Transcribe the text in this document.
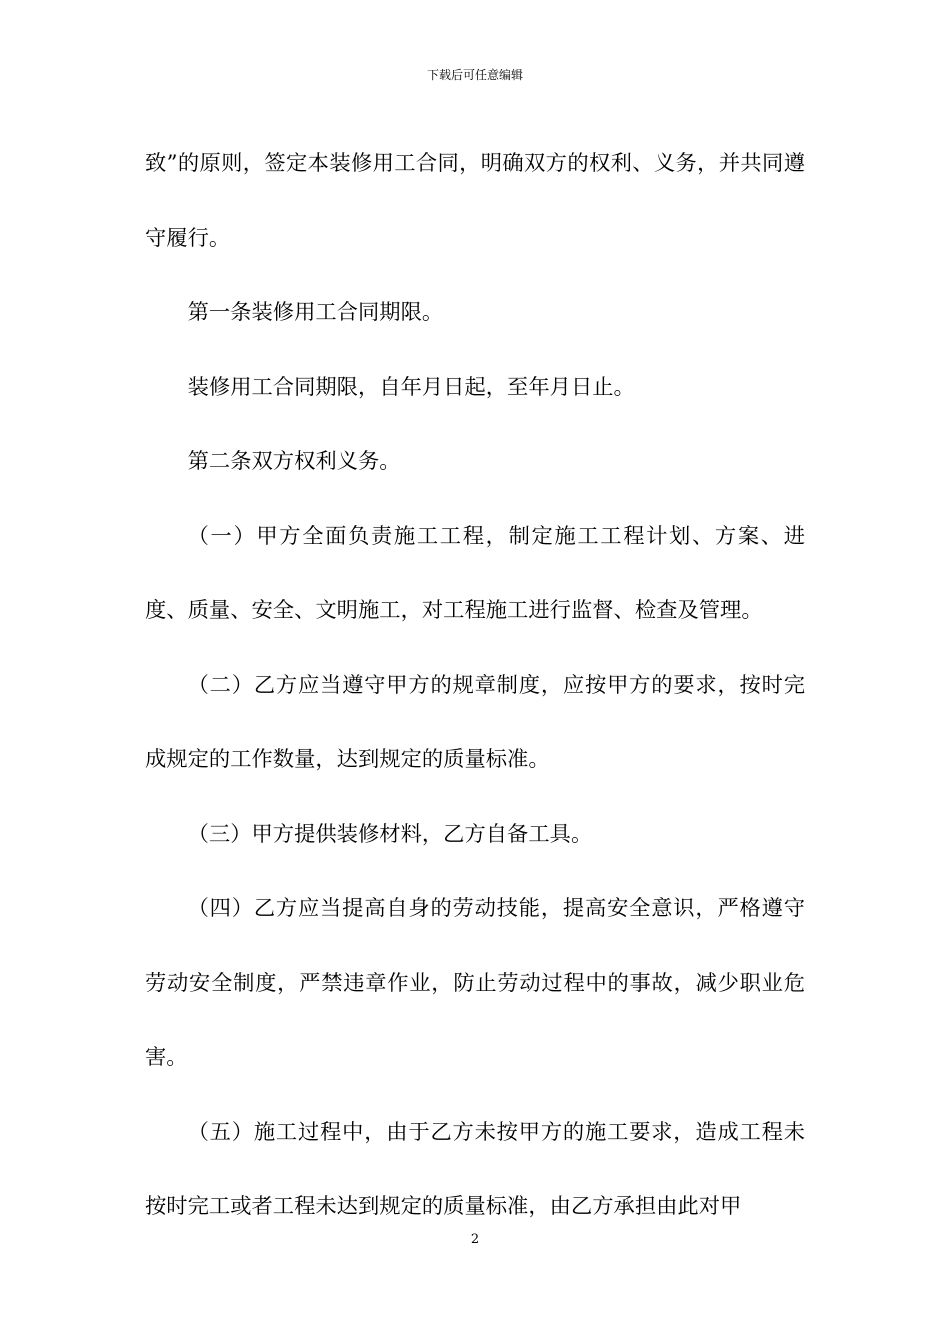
下载后可任意编辑

致”的原则，签定本装修用工合同，明确双方的权利、义务，并共同遵守履行。

第一条装修用工合同期限。

装修用工合同期限，自年月日起，至年月日止。

第二条双方权利义务。

（一）甲方全面负责施工工程，制定施工工程计划、方案、进度、质量、安全、文明施工，对工程施工进行监督、检查及管理。

（二）乙方应当遵守甲方的规章制度，应按甲方的要求，按时完成规定的工作数量，达到规定的质量标准。

（三）甲方提供装修材料，乙方自备工具。

（四）乙方应当提高自身的劳动技能，提高安全意识，严格遵守劳动安全制度，严禁违章作业，防止劳动过程中的事故，减少职业危害。

（五）施工过程中，由于乙方未按甲方的施工要求，造成工程未按时完工或者工程未达到规定的质量标准，由乙方承担由此对甲

2
